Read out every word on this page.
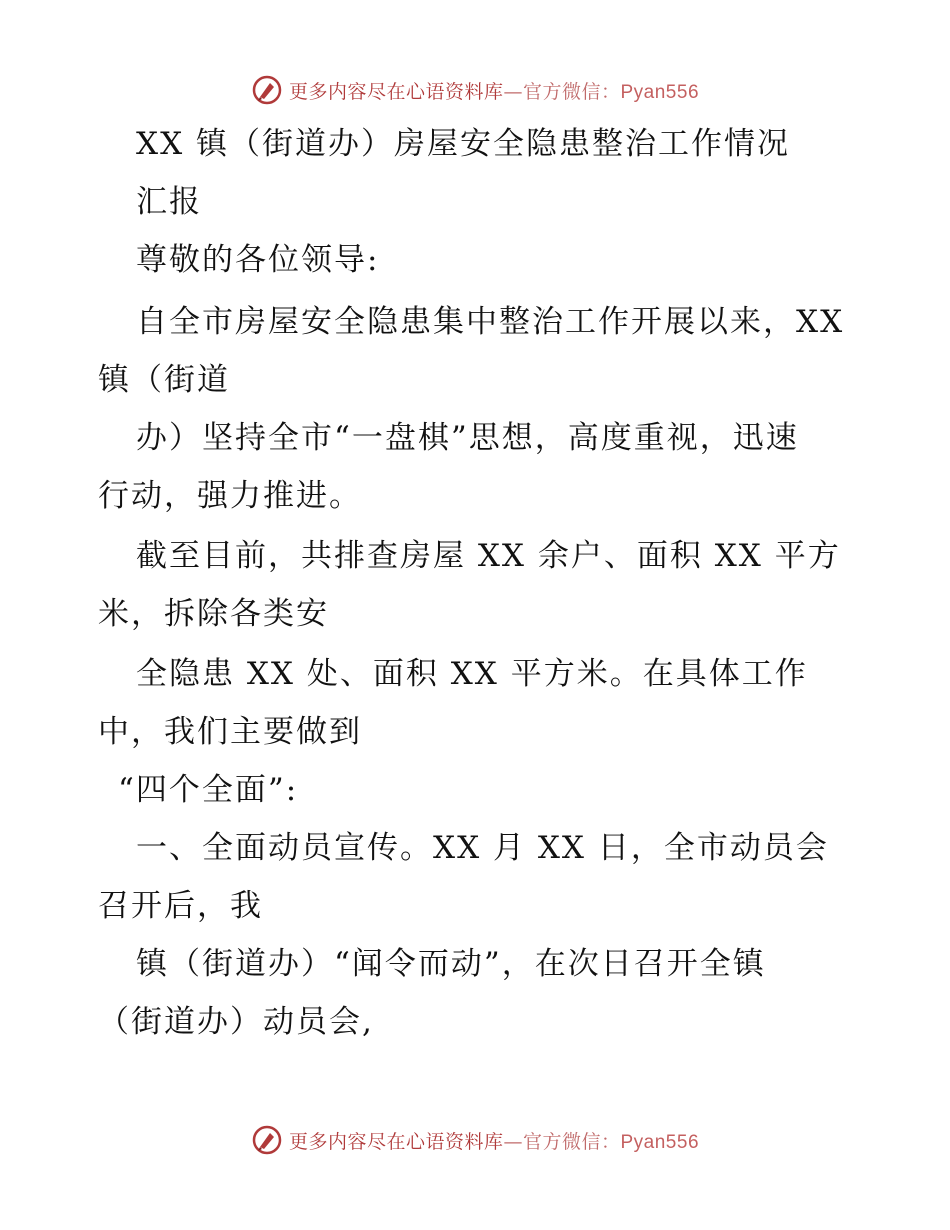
更多内容尽在心语资料库—官方微信：Pyan556
XX 镇（街道办）房屋安全隐患整治工作情况
汇报
尊敬的各位领导:
自全市房屋安全隐患集中整治工作开展以来，XX
镇（街道
办）坚持全市“一盘棋”思想，高度重视，迅速
行动，强力推进。
截至目前，共排查房屋 XX 余户、面积 XX 平方
米，拆除各类安
全隐患 XX 处、面积 XX 平方米。在具体工作
中，我们主要做到
“四个全面”:
一、全面动员宣传。XX 月 XX 日，全市动员会
召开后，我
镇（街道办）“闻令而动”，在次日召开全镇
（街道办）动员会,
更多内容尽在心语资料库—官方微信：Pyan556
